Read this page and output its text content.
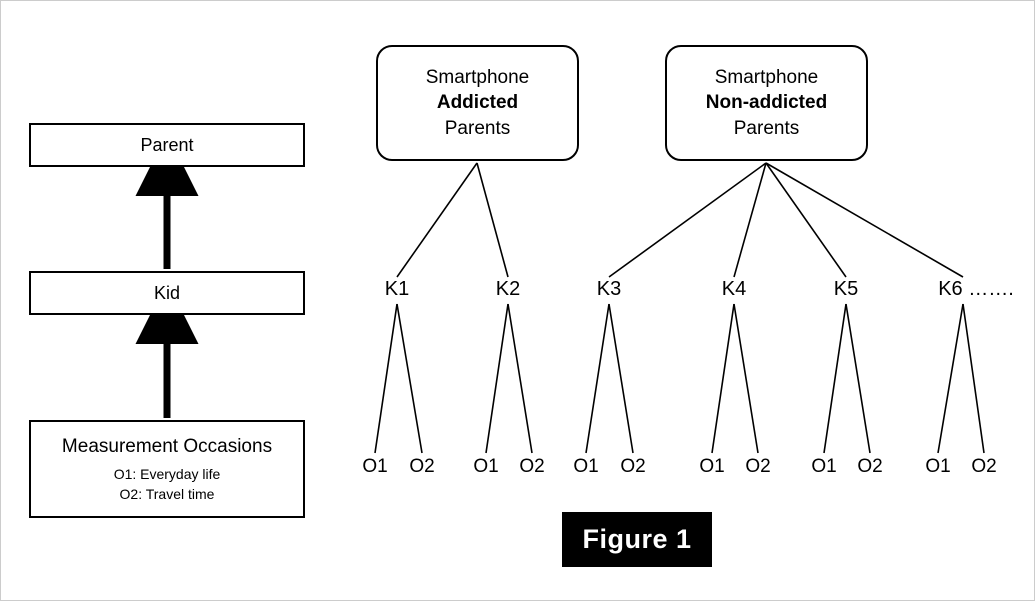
Parent
Kid
Measurement Occasions
O1: Everyday life
O2: Travel time
Smartphone
Addicted
Parents
Smartphone
Non-addicted
Parents
K1	K2	K3	K4	K5	K6 …….
O1 O2 O1 O2 O1 O2	O1 O2 O1 O2 O1 O2
Figure 1
